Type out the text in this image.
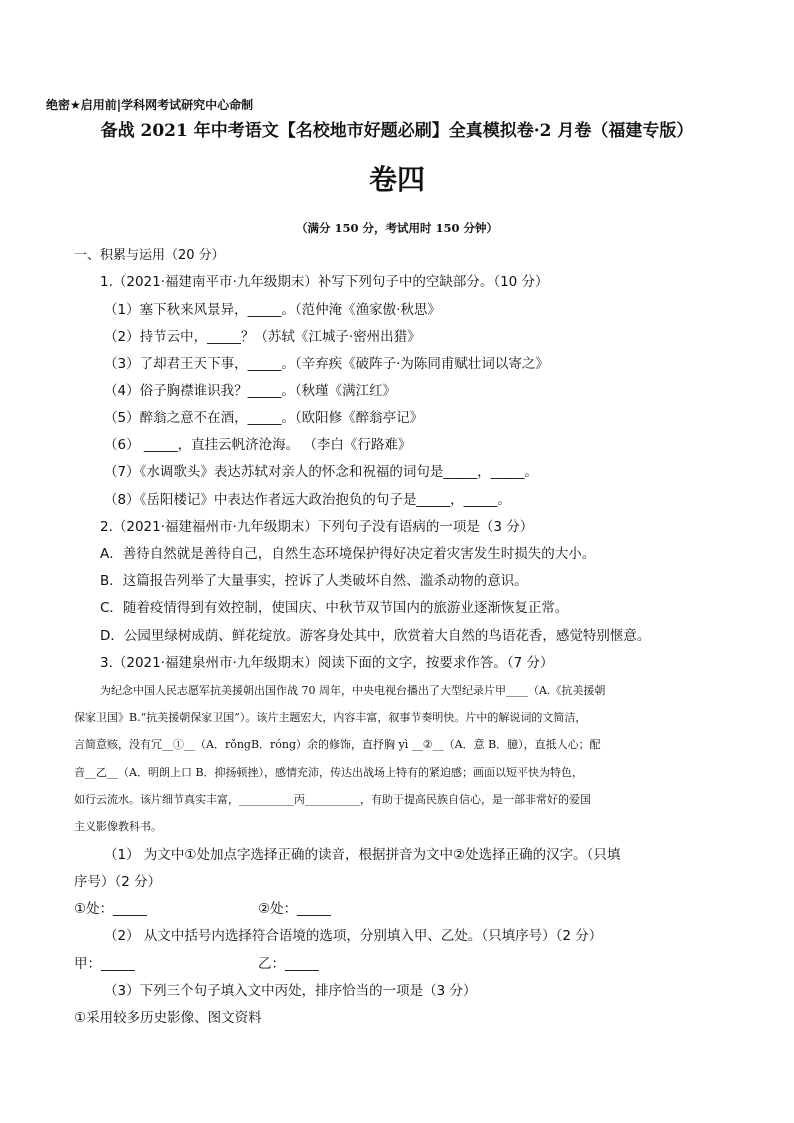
绝密★启用前|学科网考试研究中心命制
备战 2021 年中考语文【名校地市好题必刷】全真模拟卷·2 月卷（福建专版）
卷四
（满分 150 分，考试用时 150 分钟）
一、积累与运用（20 分）
1.（2021·福建南平市·九年级期末）补写下列句子中的空缺部分。（10 分）
（1）塞下秋来风景异，_____。（范仲淹《渔家傲·秋思》
（2）持节云中，_____？（苏轼《江城子·密州出猎》
（3）了却君王天下事，_____。（辛弃疾《破阵子·为陈同甫赋壮词以寄之》
（4）俗子胸襟谁识我？_____。（秋瑾《满江红》
（5）醉翁之意不在酒，_____。（欧阳修《醉翁亭记》
（6） _____，直挂云帆济沧海。 （李白《行路难》
（7）《水调歌头》表达苏轼对亲人的怀念和祝福的词句是_____，_____。
（8）《岳阳楼记》中表达作者远大政治抱负的句子是_____，_____。
2.（2021·福建福州市·九年级期末）下列句子没有语病的一项是（3 分）
A．善待自然就是善待自己，自然生态环境保护得好决定着灾害发生时损失的大小。
B．这篇报告列举了大量事实，控诉了人类破坏自然、滥杀动物的意识。
C．随着疫情得到有效控制，使国庆、中秋节双节国内的旅游业逐渐恢复正常。
D．公园里绿树成荫、鲜花绽放。游客身处其中，欣赏着大自然的鸟语花香，感觉特别惬意。
3.（2021·福建泉州市·九年级期末）阅读下面的文字，按要求作答。（7 分）
为纪念中国人民志愿军抗美援朝出国作战 70 周年，中央电视台播出了大型纪录片甲____（A.《抗美援朝
保家卫国》B.“抗美援朝保家卫国”）。该片主题宏大，内容丰富，叙事节奏明快。片中的解说词的文简洁，
言简意赅，没有冗__①__（A．rǒngB．róng）余的修饰，直抒胸 yì __②__（A．意 B．臆），直抵人心；配
音__乙__（A．明朗上口 B．抑扬顿挫），感情充沛，传达出战场上特有的紧迫感；画面以短平快为特色，
如行云流水。该片细节真实丰富，__________丙__________，有助于提高民族自信心，是一部非常好的爱国
主义影像教科书。
（1） 为文中①处加点字选择正确的读音，根据拼音为文中②处选择正确的汉字。（只填
序号）（2 分）
①处：_____	②处：_____
（2） 从文中括号内选择符合语境的选项，分别填入甲、乙处。（只填序号）（2 分）
甲：_____	乙：_____
（3）下列三个句子填入文中丙处，排序恰当的一项是（3 分）
①采用较多历史影像、图文资料
